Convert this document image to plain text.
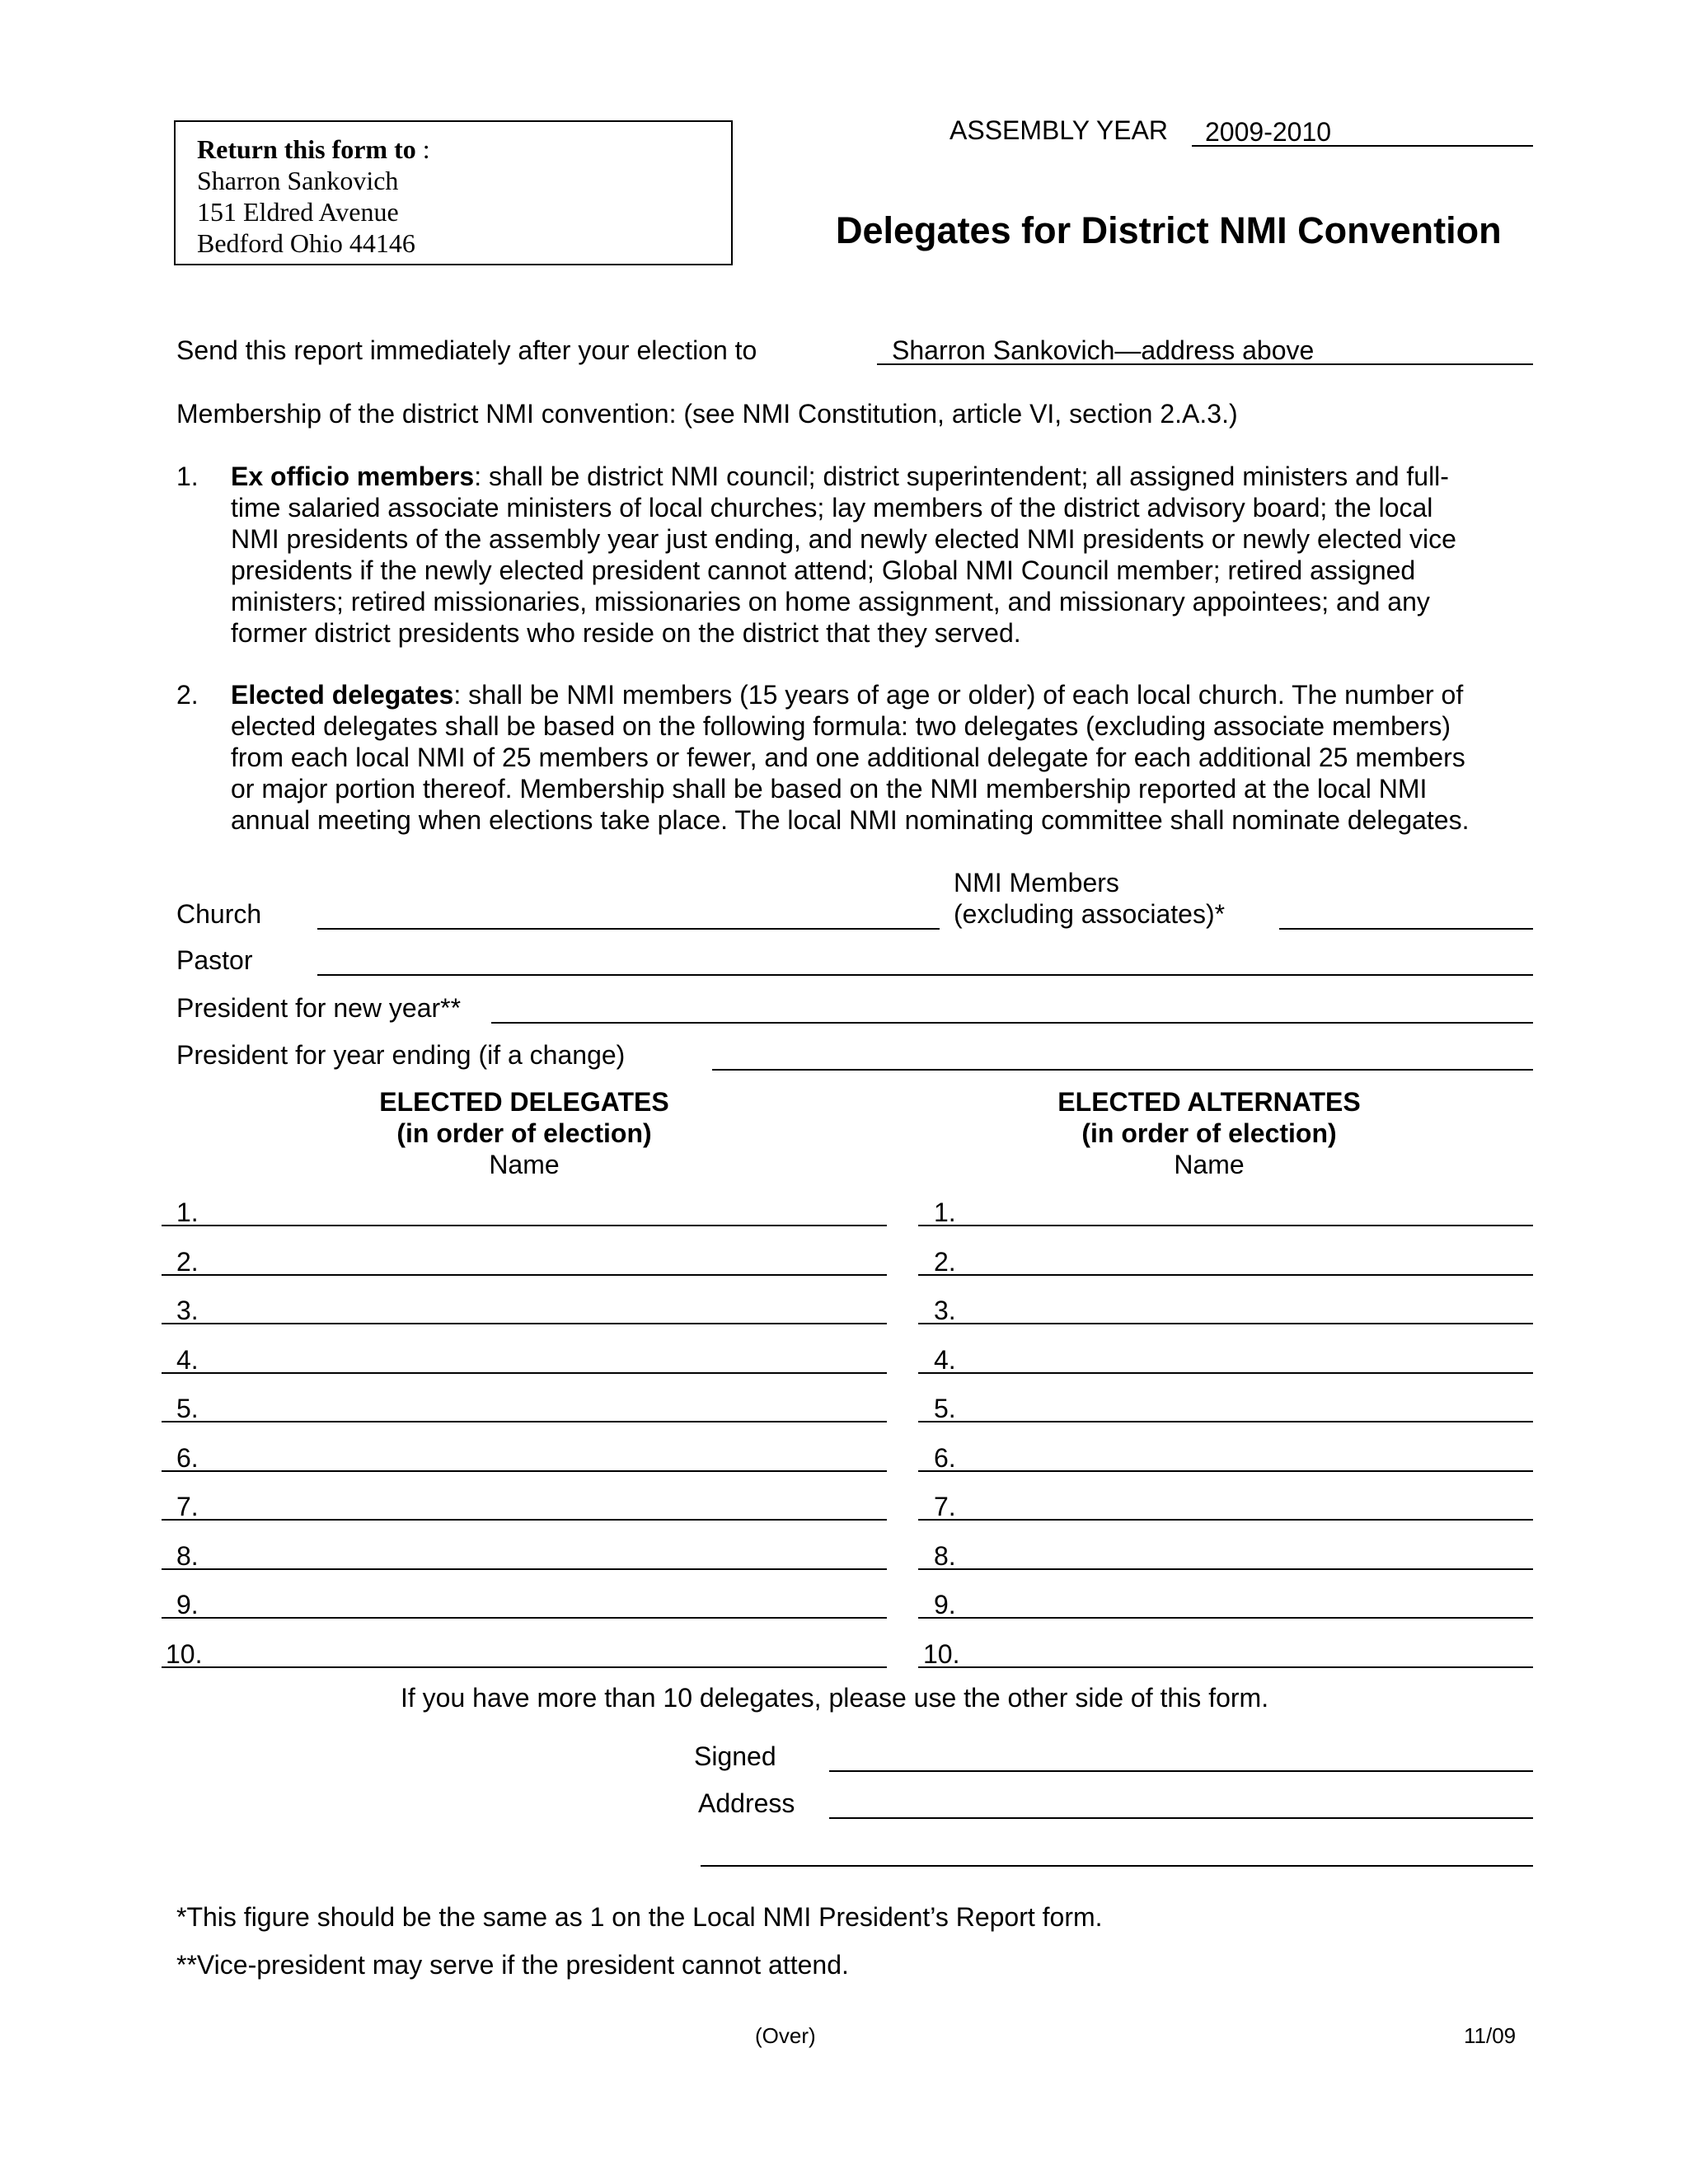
Return this form to :
Sharron Sankovich
151 Eldred Avenue
Bedford Ohio 44146
ASSEMBLY YEAR 2009-2010
Delegates for District NMI Convention
Send this report immediately after your election to	Sharron Sankovich—address above
Membership of the district NMI convention: (see NMI Constitution, article VI, section 2.A.3.)
1. Ex officio members: shall be district NMI council; district superintendent; all assigned ministers and full-
time salaried associate ministers of local churches; lay members of the district advisory board; the local
NMI presidents of the assembly year just ending, and newly elected NMI presidents or newly elected vice
presidents if the newly elected president cannot attend; Global NMI Council member; retired assigned
ministers; retired missionaries, missionaries on home assignment, and missionary appointees; and any
former district presidents who reside on the district that they served.
2. Elected delegates: shall be NMI members (15 years of age or older) of each local church. The number of
elected delegates shall be based on the following formula: two delegates (excluding associate members)
from each local NMI of 25 members or fewer, and one additional delegate for each additional 25 members
or major portion thereof. Membership shall be based on the NMI membership reported at the local NMI
annual meeting when elections take place. The local NMI nominating committee shall nominate delegates.
Church
NMI Members
(excluding associates)*
Pastor
President for new year**
President for year ending (if a change)
ELECTED DELEGATES
(in order of election)
Name
ELECTED ALTERNATES
(in order of election)
Name
1.	1.
2.	2.
3.	3.
4.	4.
5.	5.
6.	6.
7.	7.
8.	8.
9.	9.
10.	10.
If you have more than 10 delegates, please use the other side of this form.
Signed
Address
*This figure should be the same as 1 on the Local NMI President’s Report form.
**Vice-president may serve if the president cannot attend.
(Over)	11/09
